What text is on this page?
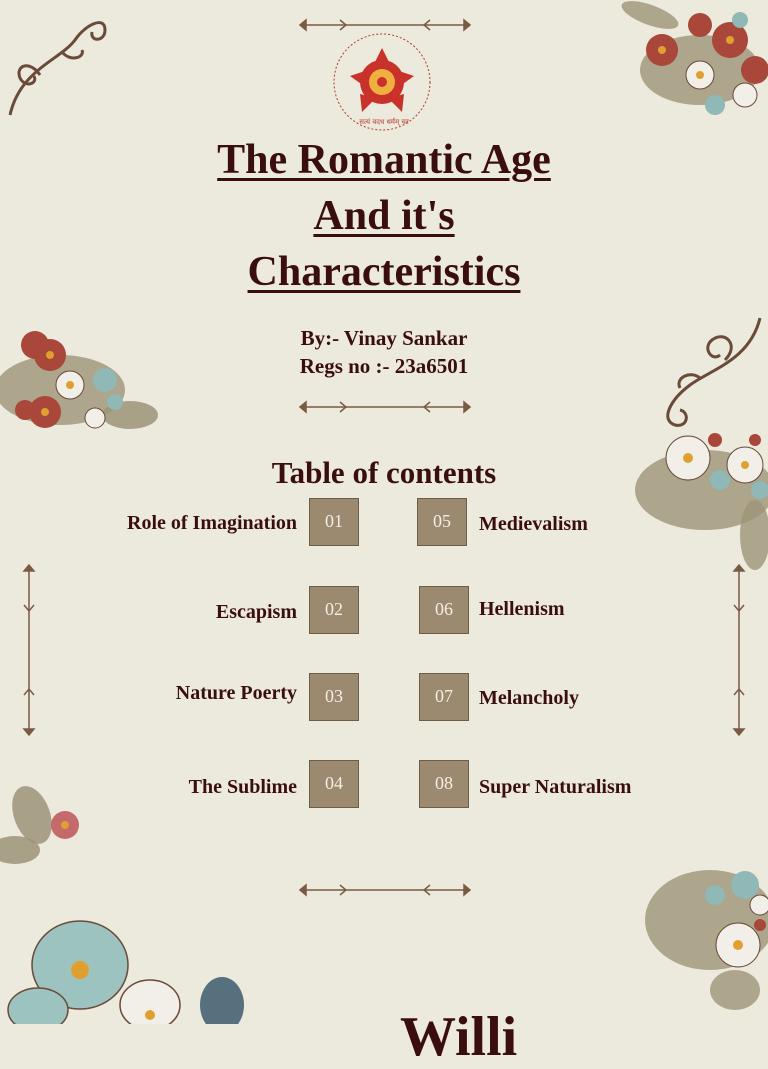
सत्यं वदध धर्मम् चर
The Romantic Age
And it's
Characteristics
By:- Vinay Sankar
Regs no :- 23a6501
Table of contents
Role of Imagination	01
Escapism	02
Nature Poerty	03
The Sublime	04
05	Medievalism
06	Hellenism
07	Melancholy
08	Super Naturalism
Willi
